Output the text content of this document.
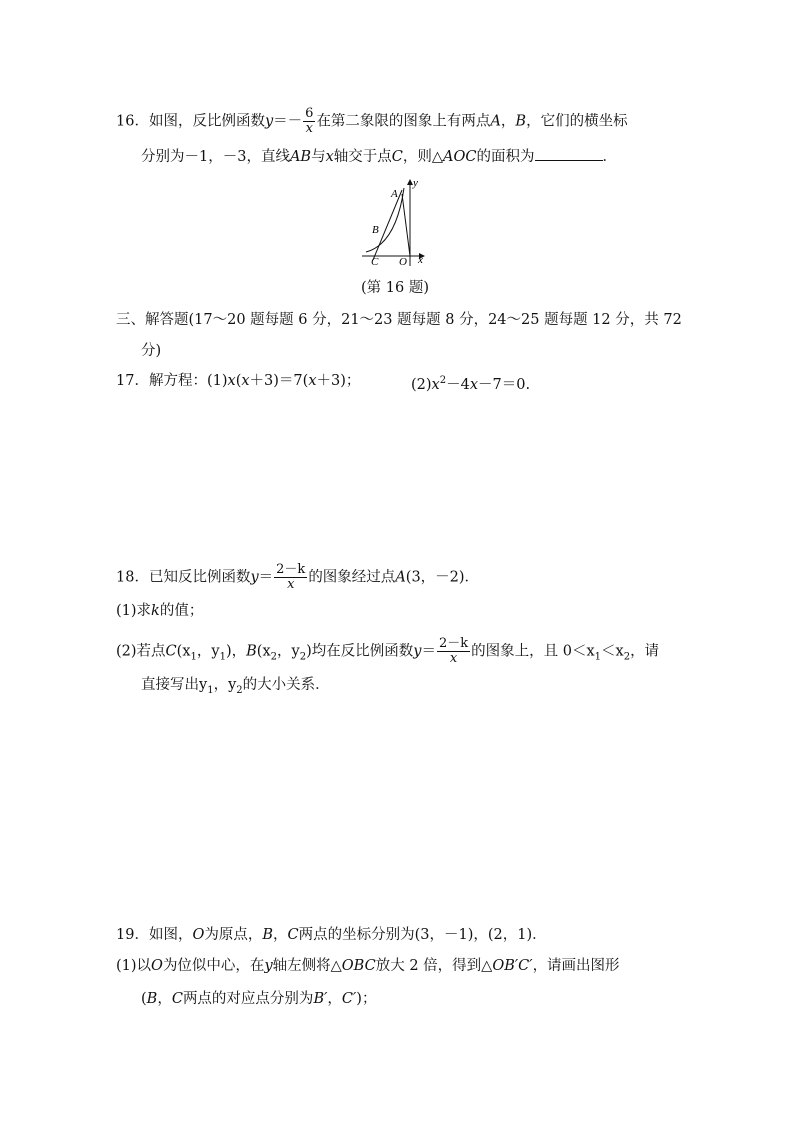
16．如图，反比例函数$y=- \frac{6}{x}$ 在第二象限的图象上有两点A，B，它们的横坐标
分别为－1，－3，直线AB与x轴交于点C，则△AOC的面积为	．
A
y
B
C O x
(第 16 题)
三、解答题(17～20 题每题 6 分，21～23 题每题 8 分，24～25 题每题 12 分，共 72
分)
17．解方程：(1)x(x＋3)＝7(x＋3)；	$(2)x^2-4x-7=0$.
18．已知反比例函数$y= \frac{2-k}{x}$ 的图象经过点A(3，－2)．
(1)求k的值；
(2)若点$C(x_1$，$y_1$)，$B(x_2$，$y_2$)均在反比例函数$y= \frac{2-k}{x}$ 的图象上，且 $0<x_1<x_2$，请
直接写出$y_1$，$y_2$的大小关系．
19．如图，O为原点，B，C两点的坐标分别为(3，－1)，(2，1)．
(1)以O为位似中心，在y轴左侧将△OBC放大 2 倍，得到△OB′C′，请画出图形
(B，C两点的对应点分别为B′，C′)；
